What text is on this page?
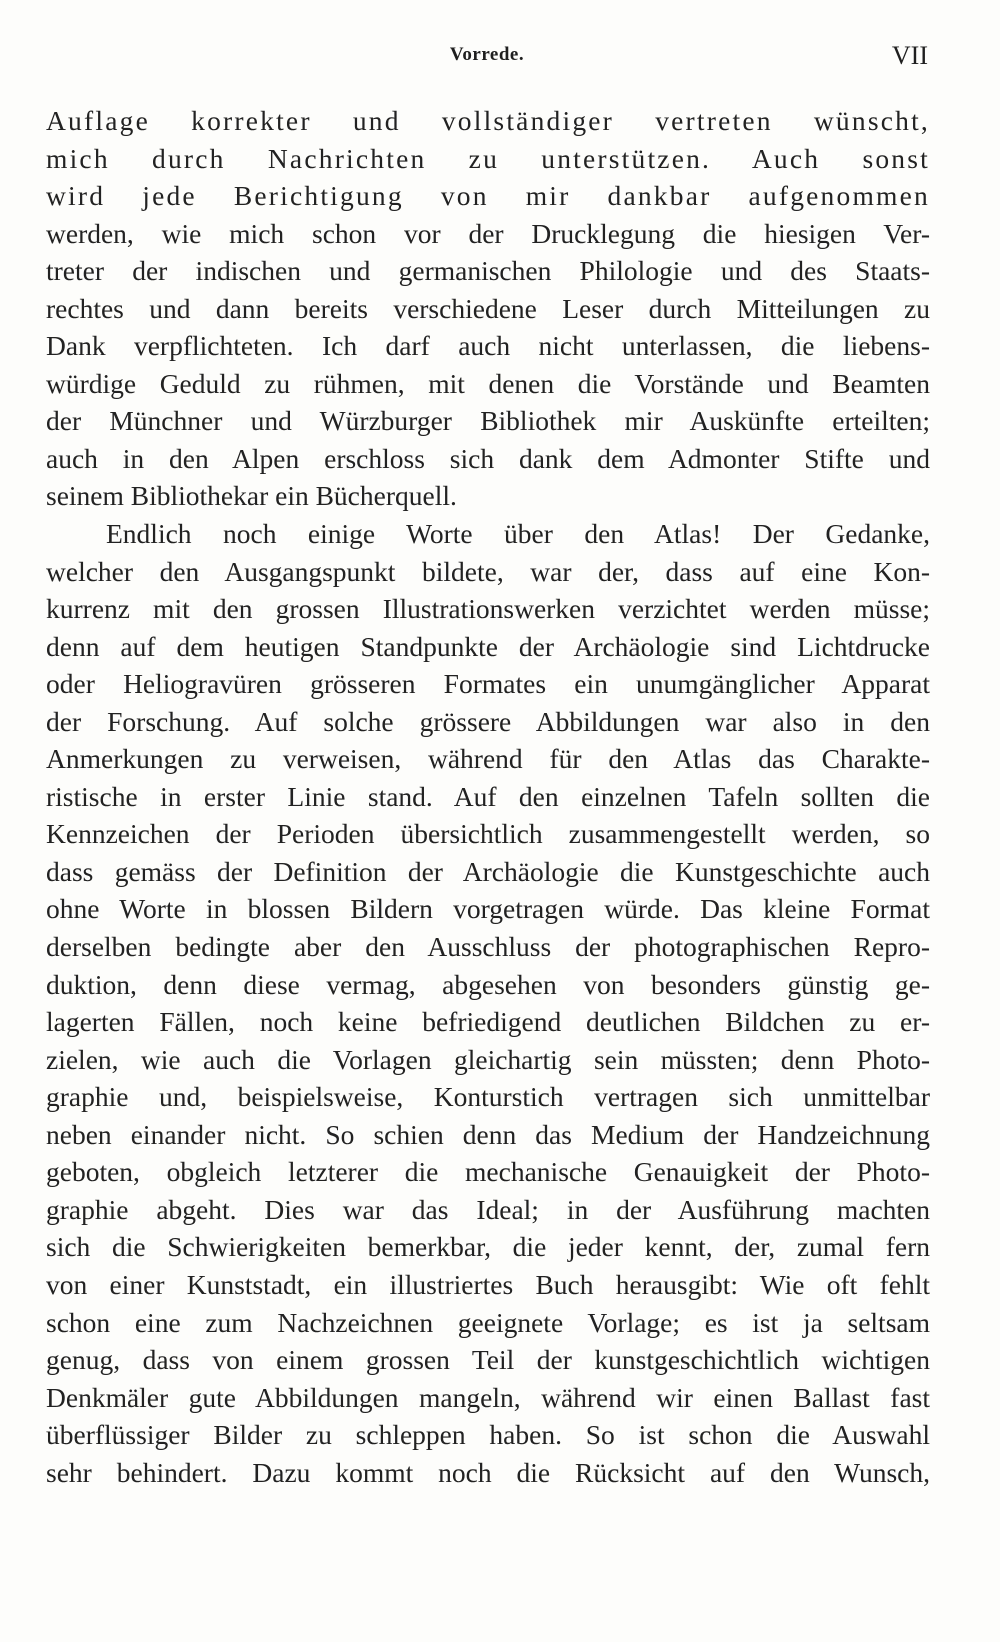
Vorrede.	VII
Auflage korrekter und vollständiger vertreten wünscht,
mich durch Nachrichten zu unterstützen. Auch sonst
wird jede Berichtigung von mir dankbar aufgenommen
werden, wie mich schon vor der Drucklegung die hiesigen Ver-
treter der indischen und germanischen Philologie und des Staats-
rechtes und dann bereits verschiedene Leser durch Mitteilungen zu
Dank verpflichteten. Ich darf auch nicht unterlassen, die liebens-
würdige Geduld zu rühmen, mit denen die Vorstände und Beamten
der Münchner und Würzburger Bibliothek mir Auskünfte erteilten;
auch in den Alpen erschloss sich dank dem Admonter Stifte und
seinem Bibliothekar ein Bücherquell.
Endlich noch einige Worte über den Atlas! Der Gedanke,
welcher den Ausgangspunkt bildete, war der, dass auf eine Kon-
kurrenz mit den grossen Illustrationswerken verzichtet werden müsse;
denn auf dem heutigen Standpunkte der Archäologie sind Lichtdrucke
oder Heliogravüren grösseren Formates ein unumgänglicher Apparat
der Forschung. Auf solche grössere Abbildungen war also in den
Anmerkungen zu verweisen, während für den Atlas das Charakte-
ristische in erster Linie stand. Auf den einzelnen Tafeln sollten die
Kennzeichen der Perioden übersichtlich zusammengestellt werden, so
dass gemäss der Definition der Archäologie die Kunstgeschichte auch
ohne Worte in blossen Bildern vorgetragen würde. Das kleine Format
derselben bedingte aber den Ausschluss der photographischen Repro-
duktion, denn diese vermag, abgesehen von besonders günstig ge-
lagerten Fällen, noch keine befriedigend deutlichen Bildchen zu er-
zielen, wie auch die Vorlagen gleichartig sein müssten; denn Photo-
graphie und, beispielsweise, Konturstich vertragen sich unmittelbar
neben einander nicht. So schien denn das Medium der Handzeichnung
geboten, obgleich letzterer die mechanische Genauigkeit der Photo-
graphie abgeht. Dies war das Ideal; in der Ausführung machten
sich die Schwierigkeiten bemerkbar, die jeder kennt, der, zumal fern
von einer Kunststadt, ein illustriertes Buch herausgibt: Wie oft fehlt
schon eine zum Nachzeichnen geeignete Vorlage; es ist ja seltsam
genug, dass von einem grossen Teil der kunstgeschichtlich wichtigen
Denkmäler gute Abbildungen mangeln, während wir einen Ballast fast
überflüssiger Bilder zu schleppen haben. So ist schon die Auswahl
sehr behindert. Dazu kommt noch die Rücksicht auf den Wunsch,
